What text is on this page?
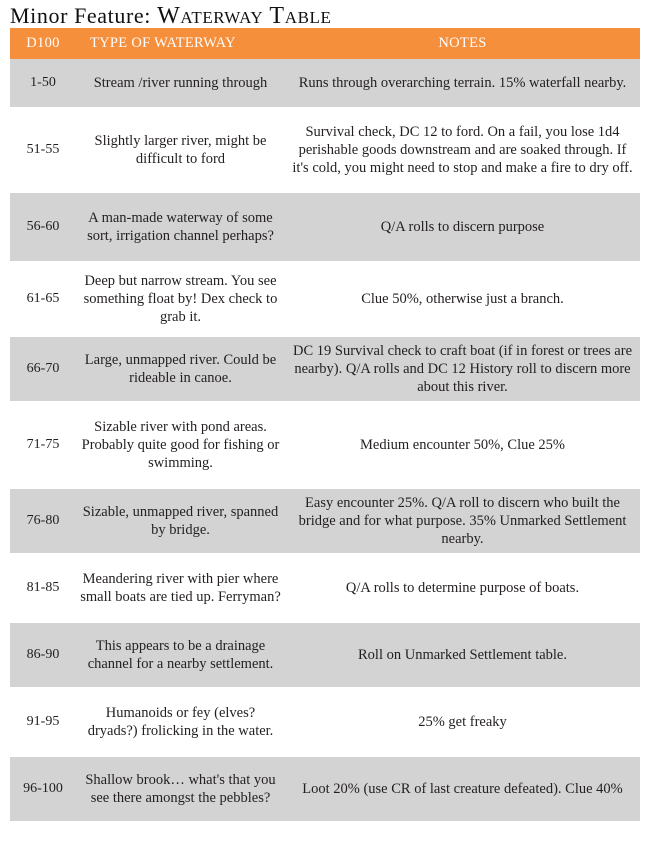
Minor Feature: Waterway Table
D100	TYPE OF WATERWAY	NOTES
1-50	Stream /river running through	Runs through overarching terrain. 15% waterfall nearby.

51-55	Slightly larger river, might be difficult to ford	Survival check, DC 12 to ford. On a fail, you lose 1d4 perishable goods downstream and are soaked through. If it's cold, you might need to stop and make a fire to dry off.

56-60	A man-made waterway of some sort, irrigation channel perhaps?	Q/A rolls to discern purpose

61-65	Deep but narrow stream. You see something float by! Dex check to grab it.	Clue 50%, otherwise just a branch.

66-70	Large, unmapped river. Could be rideable in canoe.	DC 19 Survival check to craft boat (if in forest or trees are nearby). Q/A rolls and DC 12 History roll to discern more about this river.

71-75	Sizable river with pond areas. Probably quite good for fishing or swimming.	Medium encounter 50%, Clue 25%

76-80	Sizable, unmapped river, spanned by bridge.	Easy encounter 25%. Q/A roll to discern who built the bridge and for what purpose. 35% Unmarked Settlement nearby.

81-85	Meandering river with pier where small boats are tied up. Ferryman?	Q/A rolls to determine purpose of boats.

86-90	This appears to be a drainage channel for a nearby settlement.	Roll on Unmarked Settlement table.

91-95	Humanoids or fey (elves? dryads?) frolicking in the water.	25% get freaky

96-100	Shallow brook… what's that you see there amongst the pebbles?	Loot 20% (use CR of last creature defeated). Clue 40%
